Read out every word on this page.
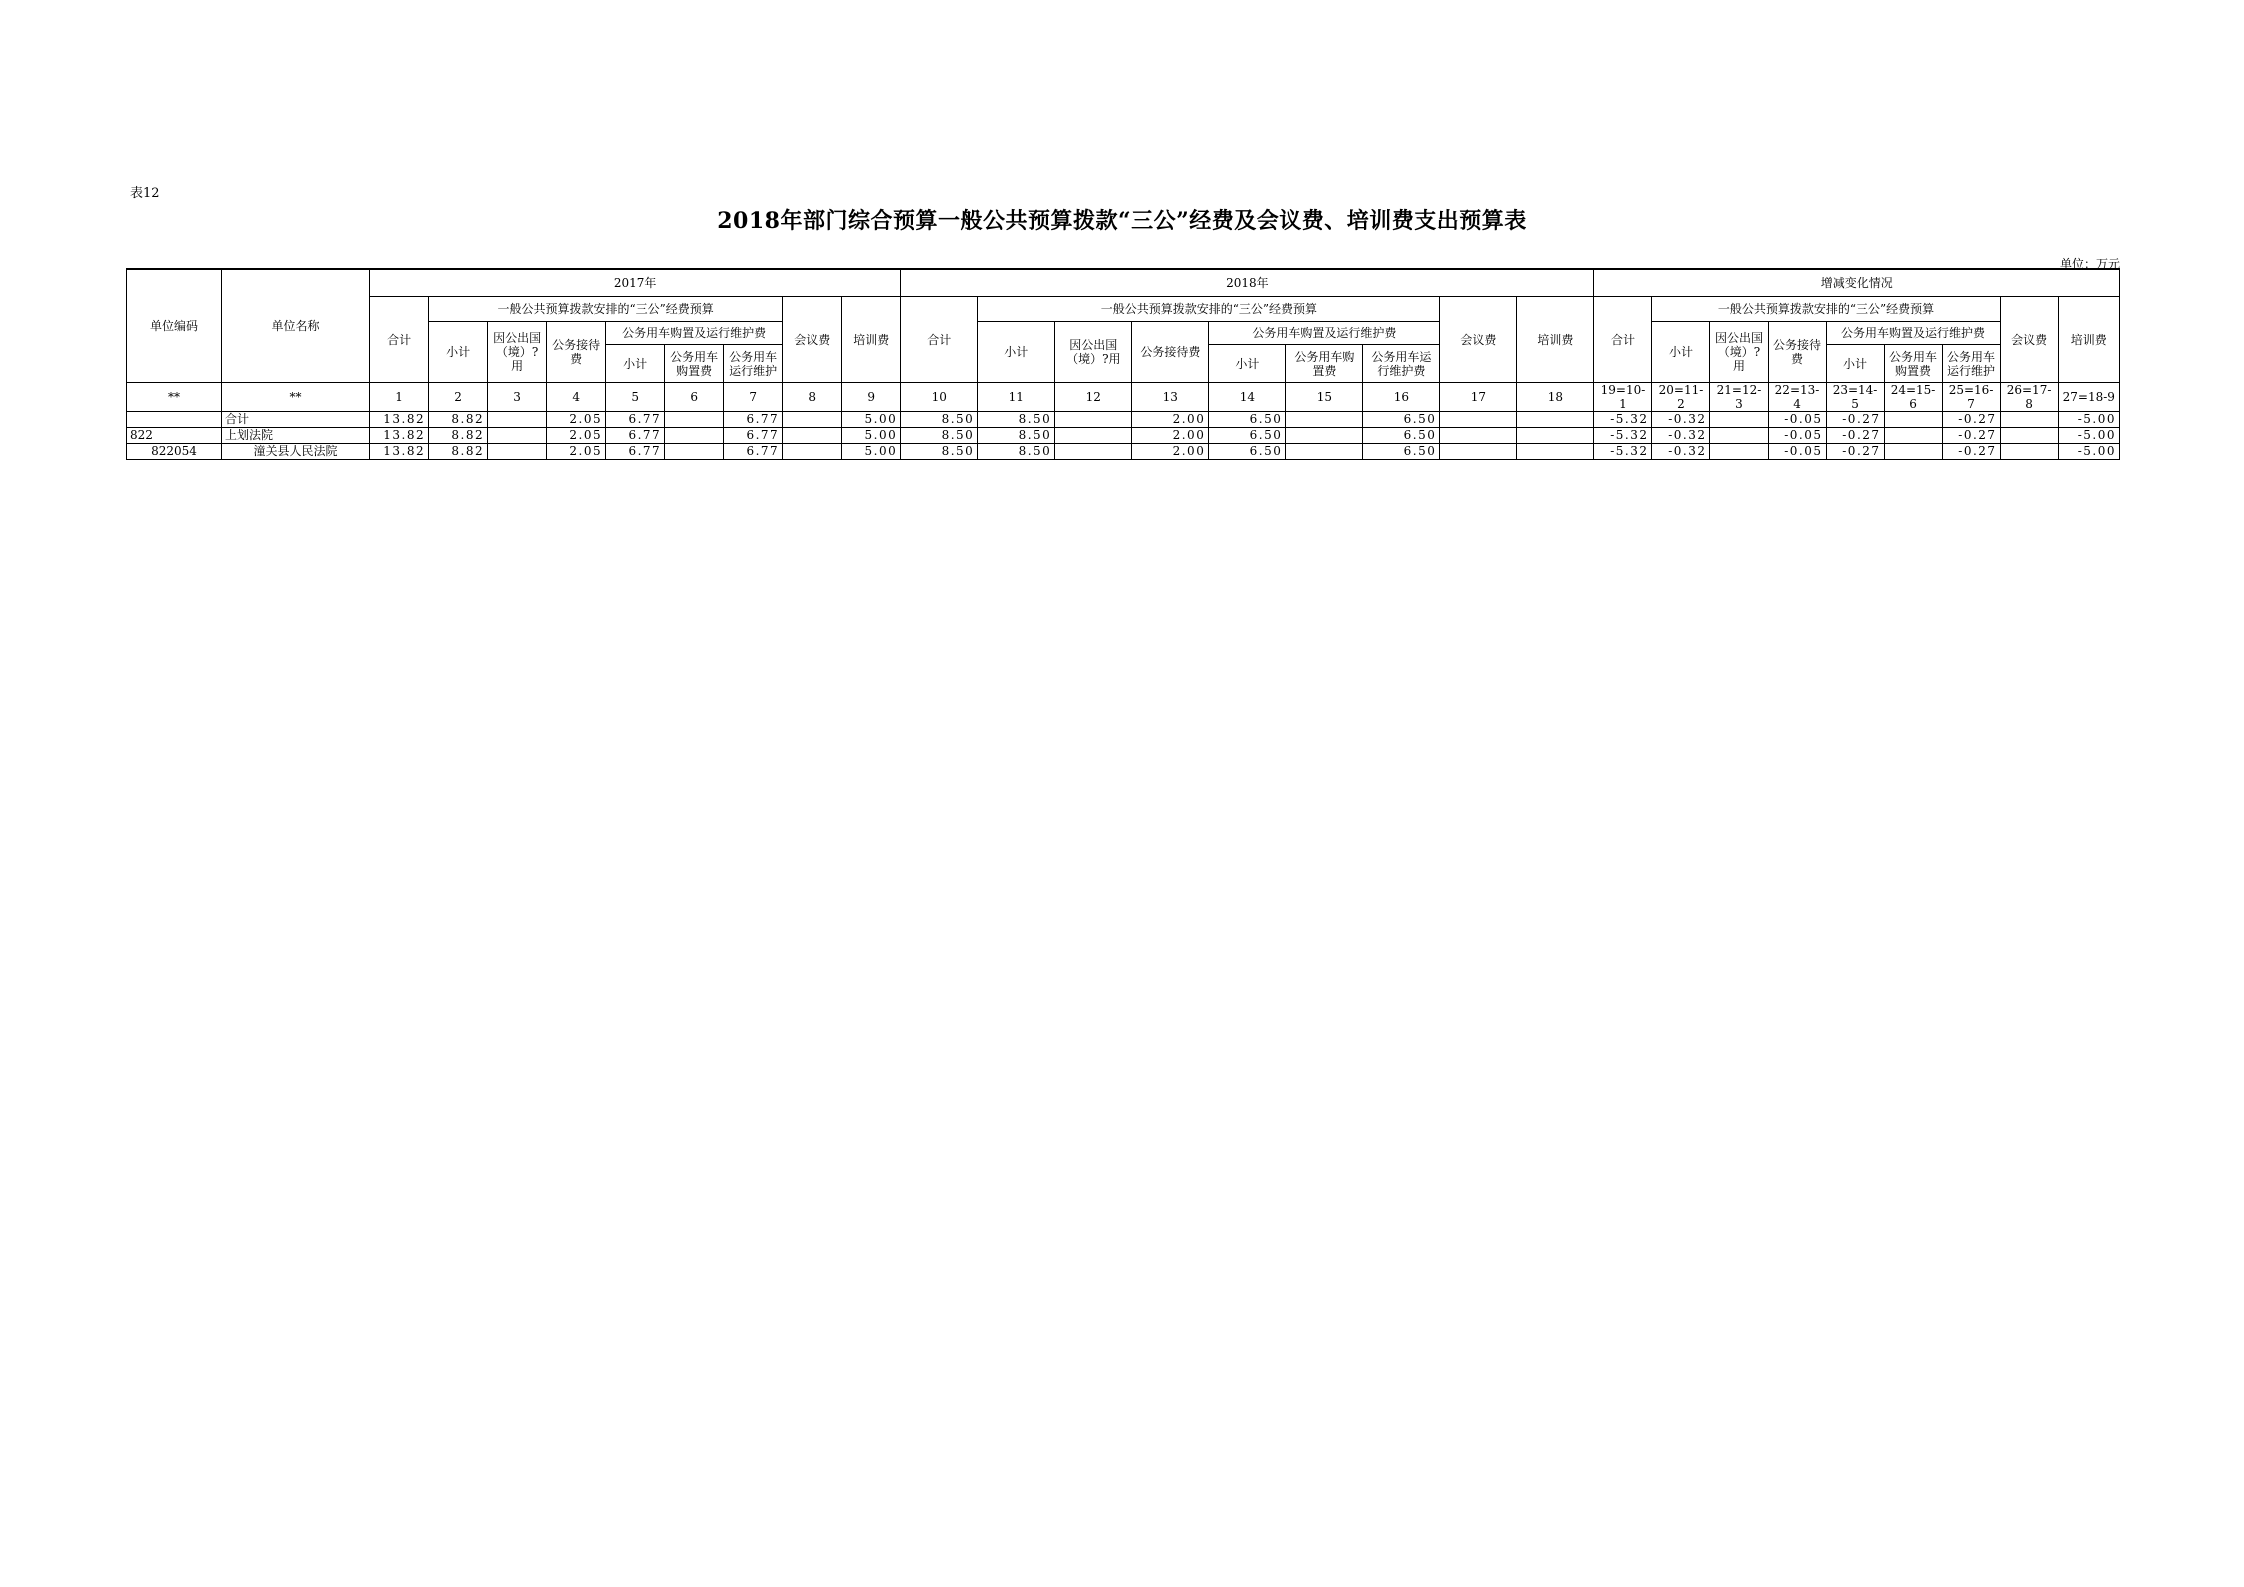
表12
2018年部门综合预算一般公共预算拨款“三公”经费及会议费、培训费支出预算表
单位：万元
单位编码	单位名称	2017年									2018年									增减变化情况								
		合计	一般公共预算拨款安排的“三公”经费预算						会议费	培训费	合计	一般公共预算拨款安排的“三公”经费预算						会议费	培训费	合计	一般公共预算拨款安排的“三公”经费预算						会议费	培训费
			小计	因公出国（境）?用	公务接待费	公务用车购置及运行维护费						小计	因公出国（境）?用	公务接待费	公务用车购置及运行维护费						小计	因公出国（境）?用	公务接待费	公务用车购置及运行维护费				
						小计	公务用车购置费	公务用车运行维护							小计	公务用车购置费	公务用车运行维护费							小计	公务用车购置费	公务用车运行维护		
**	**	1	2	3	4	5	6	7	8	9	10	11	12	13	14	15	16	17	18	19=10-1	20=11-2	21=12-3	22=13-4	23=14-5	24=15-6	25=16-7	26=17-8	27=18-9
	合计	13.82	8.82		2.05	6.77		6.77		5.00	8.50	8.50		2.00	6.50		6.50			-5.32	-0.32		-0.05	-0.27		-0.27		-5.00
822	上划法院	13.82	8.82		2.05	6.77		6.77		5.00	8.50	8.50		2.00	6.50		6.50			-5.32	-0.32		-0.05	-0.27		-0.27		-5.00
822054	潼关县人民法院	13.82	8.82		2.05	6.77		6.77		5.00	8.50	8.50		2.00	6.50		6.50			-5.32	-0.32		-0.05	-0.27		-0.27		-5.00
